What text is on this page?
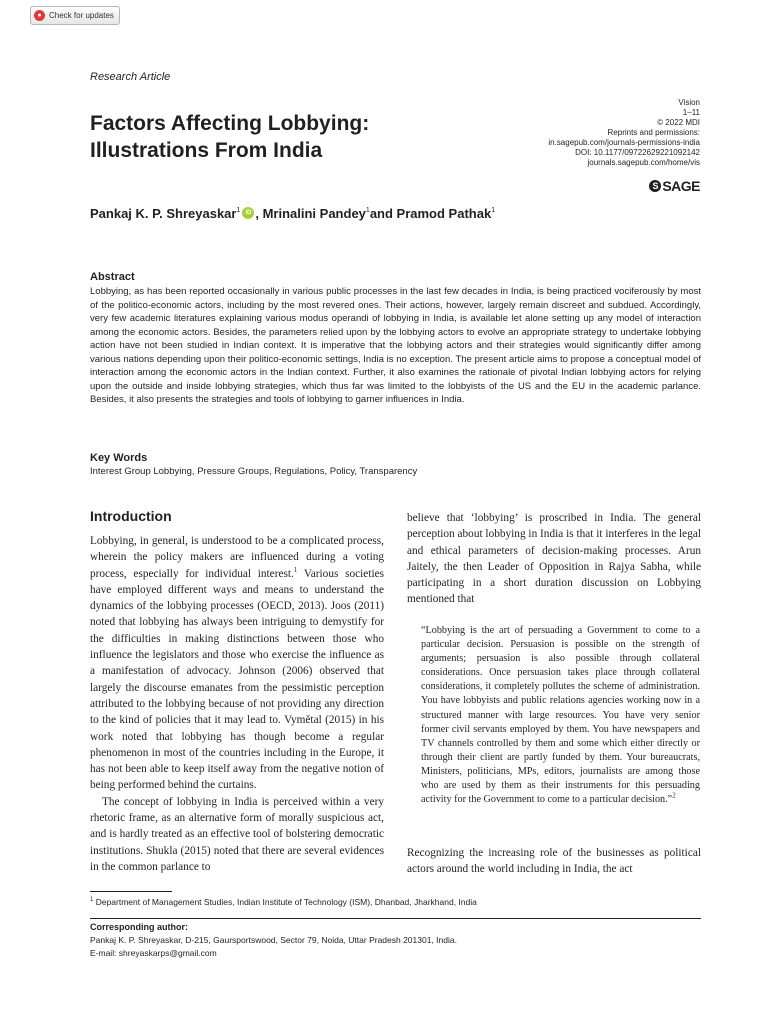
● Check for updates
Research Article
Factors Affecting Lobbying:
Illustrations From India
Vision
1–11
© 2022 MDI
Reprints and permissions:
in.sagepub.com/journals-permissions-india
DOI: 10.1177/09722629221092142
journals.sagepub.com/home/vis
S SAGE
Pankaj K. P. Shreyaskar$^1$ iD , Mrinalini Pandey$^1$ and Pramod Pathak$^1$
Abstract

Lobbying, as has been reported occasionally in various public processes in the last few decades in India, is being practiced vociferously by most of the politico-economic actors, including by the most revered ones. Their actions, however, largely remain discreet and subdued. Accordingly, very few academic literatures explaining various modus operandi of lobbying in India, is available let alone setting up any model of interaction among the economic actors. Besides, the parameters relied upon by the lobbying actors to evolve an appropriate strategy to undertake lobbying action have not been studied in Indian context. It is imperative that the lobbying actors and their strategies would significantly differ among various nations depending upon their politico-economic settings, India is no exception. The present article aims to propose a conceptual model of interaction among the economic actors in the Indian context. Further, it also examines the rationale of pivotal Indian lobbying actors for relying upon the outside and inside lobbying strategies, which thus far was limited to the lobbyists of the US and the EU in the academic parlance. Besides, it also presents the strategies and tools of lobbying to garner influences in India.

Key Words

Interest Group Lobbying, Pressure Groups, Regulations, Policy, Transparency

Introduction

Lobbying, in general, is understood to be a complicated process, wherein the policy makers are influenced during a voting process, especially for individual interest.$^1$ Various societies have employed different ways and means to understand the dynamics of the lobbying processes (OECD, 2013). Joos (2011) noted that lobbying has always been intriguing to demystify for the difficulties in making distinctions between those who influence the legislators and those who exercise the influence as a manifestation of advocacy. Johnson (2006) observed that largely the discourse emanates from the pessimistic perception attributed to the lobbying because of not providing any direction to the kind of policies that it may lead to. Vymětal (2015) in his work noted that lobbying has though become a regular phenomenon in most of the countries including in the Europe, it has not been able to keep itself away from the negative notion of being performed behind the curtains.

The concept of lobbying in India is perceived within a very rhetoric frame, as an alternative form of morally suspicious act, and is hardly treated as an effective tool of bolstering democratic institutions. Shukla (2015) noted that there are several evidences in the common parlance to

believe that ‘lobbying’ is proscribed in India. The general perception about lobbying in India is that it interferes in the legal and ethical parameters of decision-making processes. Arun Jaitely, the then Leader of Opposition in Rajya Sabha, while participating in a short duration discussion on Lobbying mentioned that

“Lobbying is the art of persuading a Government to come to a particular decision. Persuasion is possible on the strength of arguments; persuasion is also possible through collateral considerations. Once persuasion takes place through collateral considerations, it completely pollutes the scheme of administration. You have lobbyists and public relations agencies working now in a structured manner with large resources. You have very senior former civil servants employed by them. You have newspapers and TV channels controlled by them and some which either directly or through their client are partly funded by them. Your bureaucrats, Ministers, politicians, MPs, editors, journalists are among those who are used by them as their instruments for this persuading activity for the Government to come to a particular decision.”$^2$

Recognizing the increasing role of the businesses as political actors around the world including in India, the act

$^1$ Department of Management Studies, Indian Institute of Technology (ISM), Dhanbad, Jharkhand, India

Corresponding author:

Pankaj K. P. Shreyaskar, D-215, Gaursportswood, Sector 79, Noida, Uttar Pradesh 201301, India.

E-mail: shreyaskarps@gmail.com
